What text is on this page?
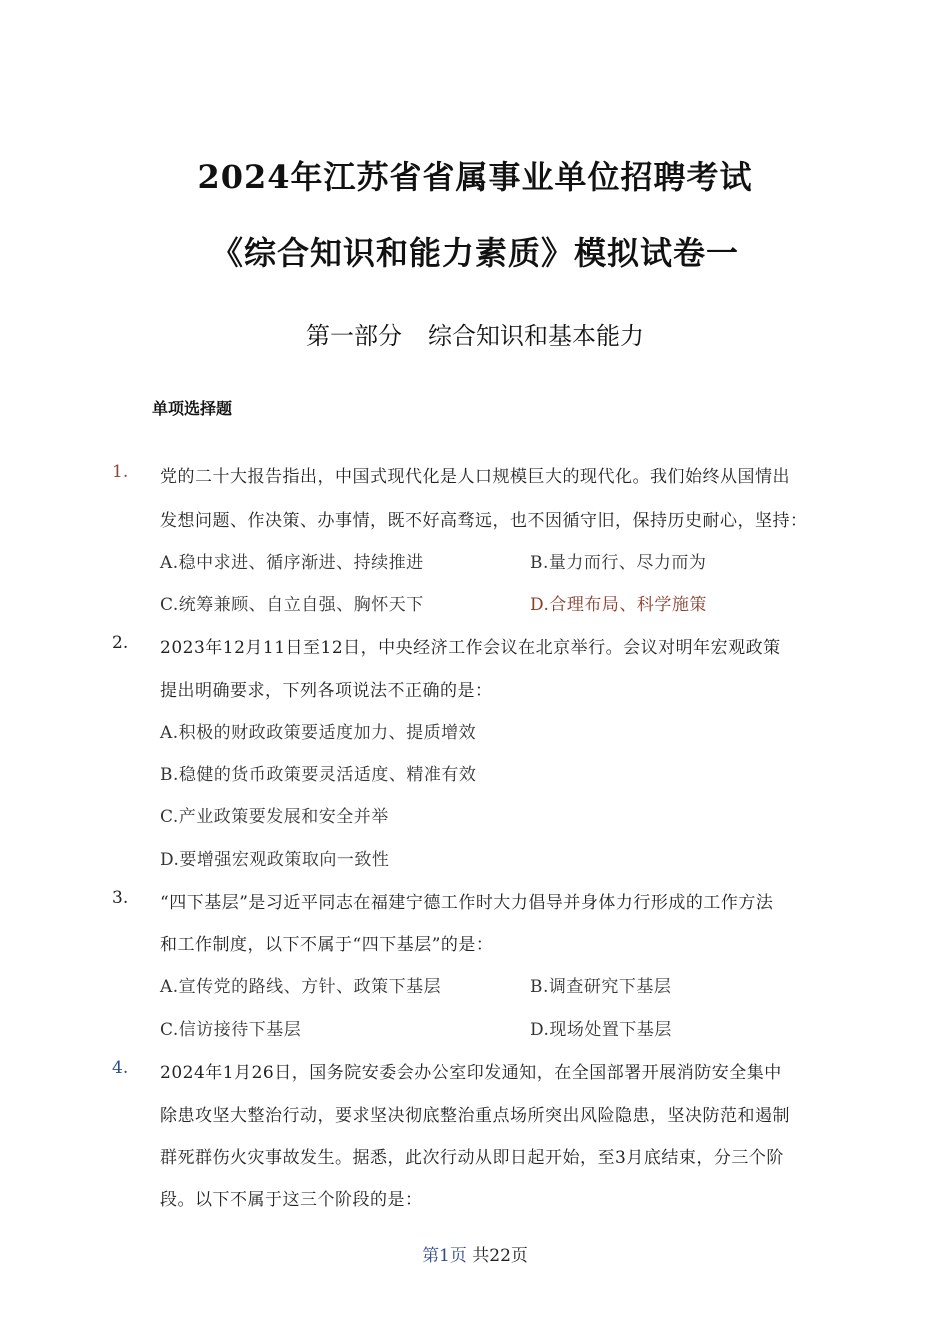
2024年江苏省省属事业单位招聘考试
《综合知识和能力素质》模拟试卷一
第一部分 综合知识和基本能力
单项选择题
1. 党的二十大报告指出，中国式现代化是人口规模巨大的现代化。我们始终从国情出
发想问题、作决策、办事情，既不好高骛远，也不因循守旧，保持历史耐心，坚持：
A.稳中求进、循序渐进、持续推进	B.量力而行、尽力而为
C.统筹兼顾、自立自强、胸怀天下	D.合理布局、科学施策
2. 2023年12月11日至12日，中央经济工作会议在北京举行。会议对明年宏观政策
提出明确要求，下列各项说法不正确的是：
A.积极的财政政策要适度加力、提质增效
B.稳健的货币政策要灵活适度、精准有效
C.产业政策要发展和安全并举
D.要增强宏观政策取向一致性
3. “四下基层”是习近平同志在福建宁德工作时大力倡导并身体力行形成的工作方法
和工作制度，以下不属于“四下基层”的是：
A.宣传党的路线、方针、政策下基层	B.调查研究下基层
C.信访接待下基层	D.现场处置下基层
4. 2024年1月26日，国务院安委会办公室印发通知，在全国部署开展消防安全集中
除患攻坚大整治行动，要求坚决彻底整治重点场所突出风险隐患，坚决防范和遏制
群死群伤火灾事故发生。据悉，此次行动从即日起开始，至3月底结束，分三个阶
段。以下不属于这三个阶段的是：
第1页 共22页
